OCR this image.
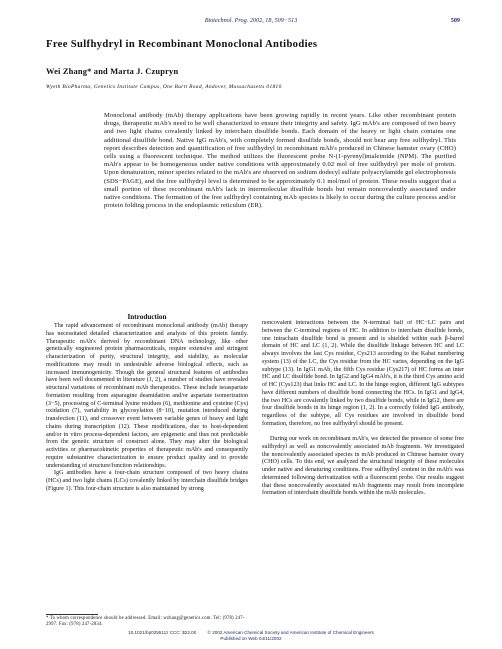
Biotechnol. Prog. 2002, 18, 509−513	509
Free Sulfhydryl in Recombinant Monoclonal Antibodies
Wei Zhang* and Marta J. Czupryn
Wyeth BioPharma, Genetics Institute Campus, One Burtt Road, Andover, Massachusetts 01810

Monoclonal antibody (mAb) therapy applications have been growing rapidly in recent years. Like other recombinant protein drugs, therapeutic mAb's need to be well characterized to ensure their integrity and safety. IgG mAb's are composed of two heavy and two light chains covalently linked by interchain disulfide bonds. Each domain of the heavy or light chain contains one additional disulfide bond. Native IgG mAb's, with completely formed disulfide bonds, should not bear any free sulfhydryl. This report describes detection and quantification of free sulfhydryl in recombinant mAb's produced in Chinese hamster ovary (CHO) cells using a fluorescent technique. The method utilizes the fluorescent probe N-(1-pyrenyl)maleimide (NPM). The purified mAb's appear to be homogeneous under native conditions with approximately 0.02 mol of free sulfhydryl per mole of protein. Upon denaturation, minor species related to the mAb's are observed on sodium dodecyl sulfate polyacrylamide gel electrophoresis (SDS−PAGE), and the free sulfhydryl level is determined to be approximately 0.1 mol/mol of protein. These results suggest that a small portion of these recombinant mAb's lack in intermolecular disulfide bonds but remain noncovalently associated under native conditions. The formation of the free sulfhydryl containing mAb species is likely to occur during the culture process and/or protein folding process in the endoplasmic reticulum (ER).

Introduction

The rapid advancement of recombinant monoclonal antibody (mAb) therapy has necessitated detailed characterization and analysis of this protein family. Therapeutic mAb's derived by recombinant DNA technology, like other genetically engineered protein pharmaceuticals, require extensive and stringent characterization of purity, structural integrity, and stability, as molecular modifications may result in undesirable adverse biological effects, such as increased immunogenicity. Though the general structural features of antibodies have been well documented in literature (1, 2), a number of studies have revealed structural variations of recombinant mAb therapeutics. These include isoaspartate formation resulting from asparagine deamidation and/or aspartate isomerization (3−5), processing of C-terminal lysine residues (6), methionine and cysteine (Cys) oxidation (7), variability in glycosylation (8−10), mutation introduced during transfection (11), and crossover event between variable genes of heavy and light chains during transcription (12). These modifications, due to host-dependent and/or in vitro process-dependent factors, are epigenetic and thus not predictable from the genetic structure of construct alone. They may alter the biological activities or pharmacokinetic properties of therapeutic mAb's and consequently require substantive characterization to ensure product quality and to provide understanding of structure/function relationships.

IgG antibodies have a four-chain structure composed of two heavy chains (HCs) and two light chains (LCs) covalently linked by interchain disulfide bridges (Figure 1). This four-chain structure is also maintained by strong

noncovalent interactions between the N-terminal half of HC−LC pairs and between the C-terminal regions of HC. In addition to interchain disulfide bonds, one intrachain disulfide bond is present and is shielded within each β-barrel domain of HC and LC (1, 2). While the disulfide linkage between HC and LC always involves the last Cys residue, Cys213 according to the Kabat numbering system (13) of the LC, the Cys residue from the HC varies, depending on the IgG subtype (13). In IgG1 mAb, the fifth Cys residue (Cys217) of HC forms an inter HC and LC disulfide bond. In IgG2 and IgG4 mAb's, it is the third Cys amino acid of HC (Cys123) that links HC and LC. In the hinge region, different IgG subtypes have different numbers of disulfide bond connecting the HCs. In IgG1 and IgG4, the two HCs are covalently linked by two disulfide bonds, while in IgG2, there are four disulfide bonds in its hinge region (1, 2). In a correctly folded IgG antibody, regardless of the subtype, all Cys residues are involved in disulfide bond formation, therefore, no free sulfhydryl should be present.

During our work on recombinant mAb's, we detected the presence of some free sulfhydryl as well as noncovalently associated mAb fragments. We investigated the noncovalently associated species in mAb produced in Chinese hamster ovary (CHO) cells. To this end, we analyzed the structural integrity of these molecules under native and denaturing conditions. Free sulfhydryl content in the mAb's was determined following derivatization with a fluorescent probe. Our results suggest that these noncovalently associated mAb fragments may result from incomplete formation of interchain disulfide bonds within the mAb molecules.

* To whom correspondence should be addressed. Email: wzhang@genetics.com. Tel: (978) 247-2997. Fax: (978) 247-2834.
10.1021/bp025511z CCC: $22.00 © 2002 American Chemical Society and American Institute of Chemical Engineers
Published on Web 04/11/2002
